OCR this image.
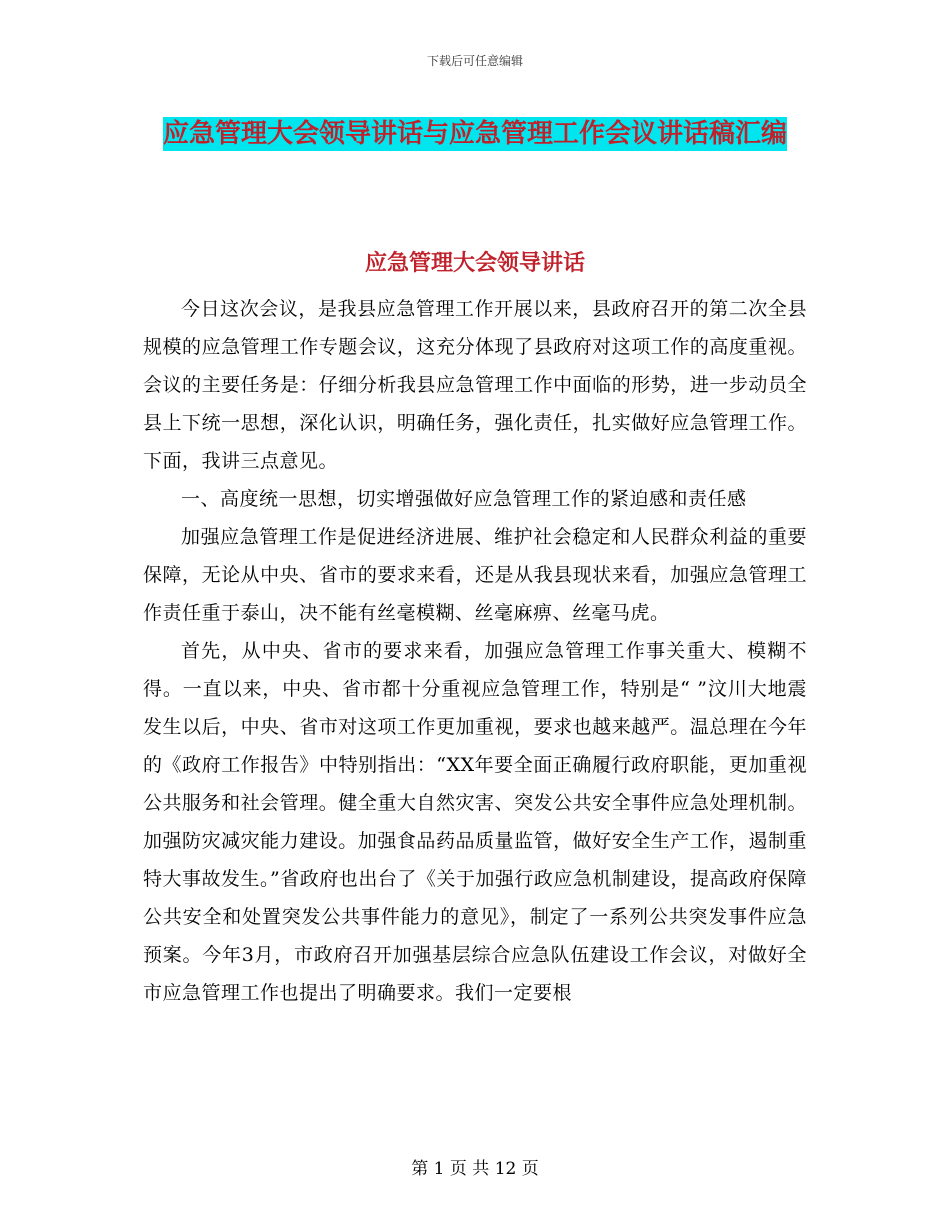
下载后可任意编辑
应急管理大会领导讲话与应急管理工作会议讲话稿汇编
应急管理大会领导讲话

今日这次会议，是我县应急管理工作开展以来，县政府召开的第二次全县规模的应急管理工作专题会议，这充分体现了县政府对这项工作的高度重视。会议的主要任务是：仔细分析我县应急管理工作中面临的形势，进一步动员全县上下统一思想，深化认识，明确任务，强化责任，扎实做好应急管理工作。下面，我讲三点意见。

一、高度统一思想，切实增强做好应急管理工作的紧迫感和责任感

加强应急管理工作是促进经济进展、维护社会稳定和人民群众利益的重要保障，无论从中央、省市的要求来看，还是从我县现状来看，加强应急管理工作责任重于泰山，决不能有丝毫模糊、丝毫麻痹、丝毫马虎。

首先，从中央、省市的要求来看，加强应急管理工作事关重大、模糊不得。一直以来，中央、省市都十分重视应急管理工作，特别是“ ”汶川大地震发生以后，中央、省市对这项工作更加重视，要求也越来越严。温总理在今年的《政府工作报告》中特别指出：“XX年要全面正确履行政府职能，更加重视公共服务和社会管理。健全重大自然灾害、突发公共安全事件应急处理机制。加强防灾减灾能力建设。加强食品药品质量监管，做好安全生产工作，遏制重特大事故发生。”省政府也出台了《关于加强行政应急机制建设，提高政府保障公共安全和处置突发公共事件能力的意见》，制定了一系列公共突发事件应急预案。今年3月，市政府召开加强基层综合应急队伍建设工作会议，对做好全市应急管理工作也提出了明确要求。我们一定要根

第 1 页 共 12 页
